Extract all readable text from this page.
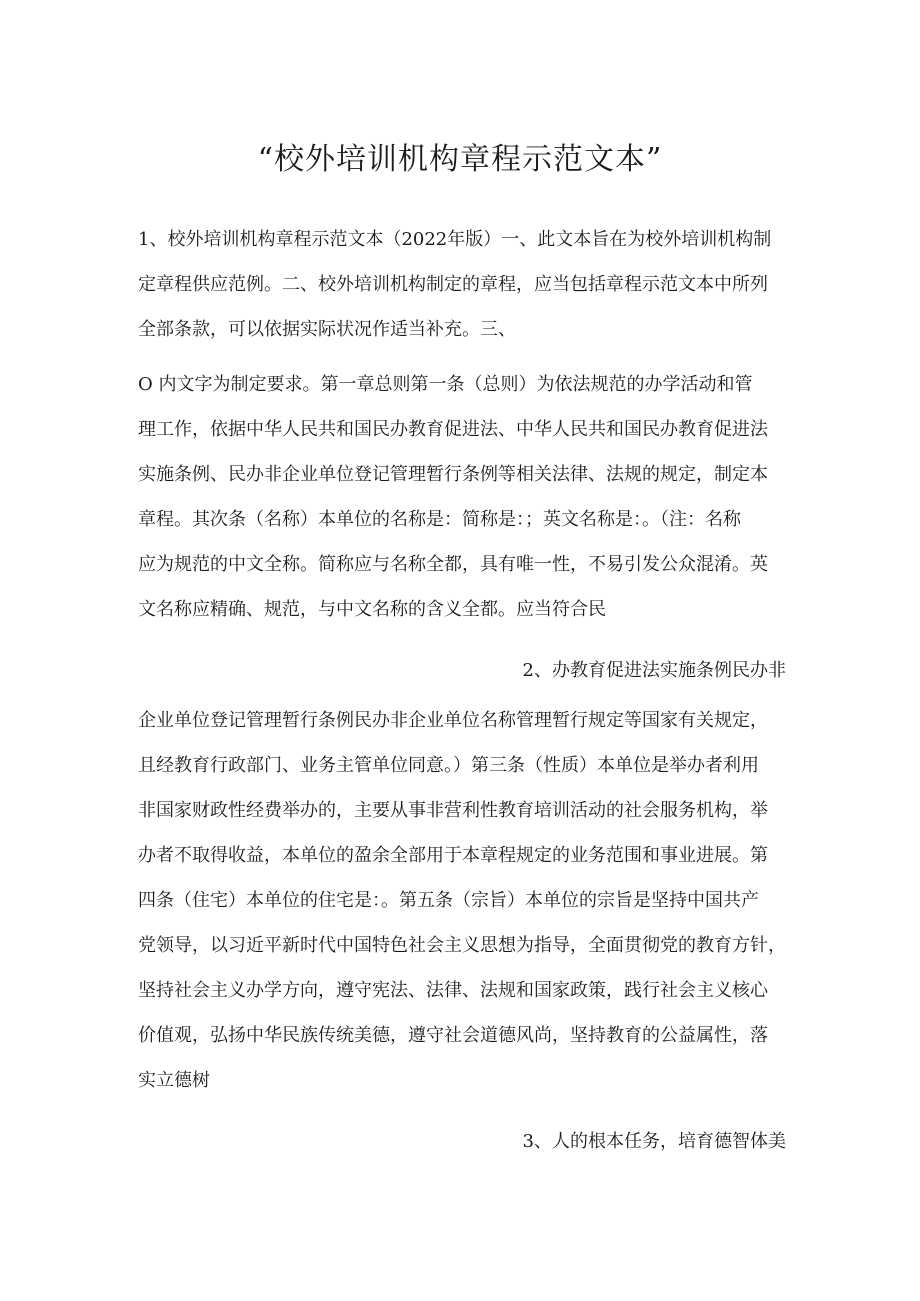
“校外培训机构章程示范文本”
1、校外培训机构章程示范文本（2022年版）一、此文本旨在为校外培训机构制
定章程供应范例。二、校外培训机构制定的章程，应当包括章程示范文本中所列
全部条款，可以依据实际状况作适当补充。三、
O 内文字为制定要求。第一章总则第一条（总则）为依法规范的办学活动和管
理工作，依据中华人民共和国民办教育促进法、中华人民共和国民办教育促进法
实施条例、民办非企业单位登记管理暂行条例等相关法律、法规的规定，制定本
章程。其次条（名称）本单位的名称是：简称是：；英文名称是：。（注：名称
应为规范的中文全称。简称应与名称全都，具有唯一性，不易引发公众混淆。英
文名称应精确、规范，与中文名称的含义全都。应当符合民
2、办教育促进法实施条例民办非
企业单位登记管理暂行条例民办非企业单位名称管理暂行规定等国家有关规定，
且经教育行政部门、业务主管单位同意。）第三条（性质）本单位是举办者利用
非国家财政性经费举办的，主要从事非营利性教育培训活动的社会服务机构，举
办者不取得收益，本单位的盈余全部用于本章程规定的业务范围和事业进展。第
四条（住宅）本单位的住宅是：。第五条（宗旨）本单位的宗旨是坚持中国共产
党领导，以习近平新时代中国特色社会主义思想为指导，全面贯彻党的教育方针，
坚持社会主义办学方向，遵守宪法、法律、法规和国家政策，践行社会主义核心
价值观，弘扬中华民族传统美德，遵守社会道德风尚，坚持教育的公益属性，落
实立德树
3、人的根本任务，培育德智体美
